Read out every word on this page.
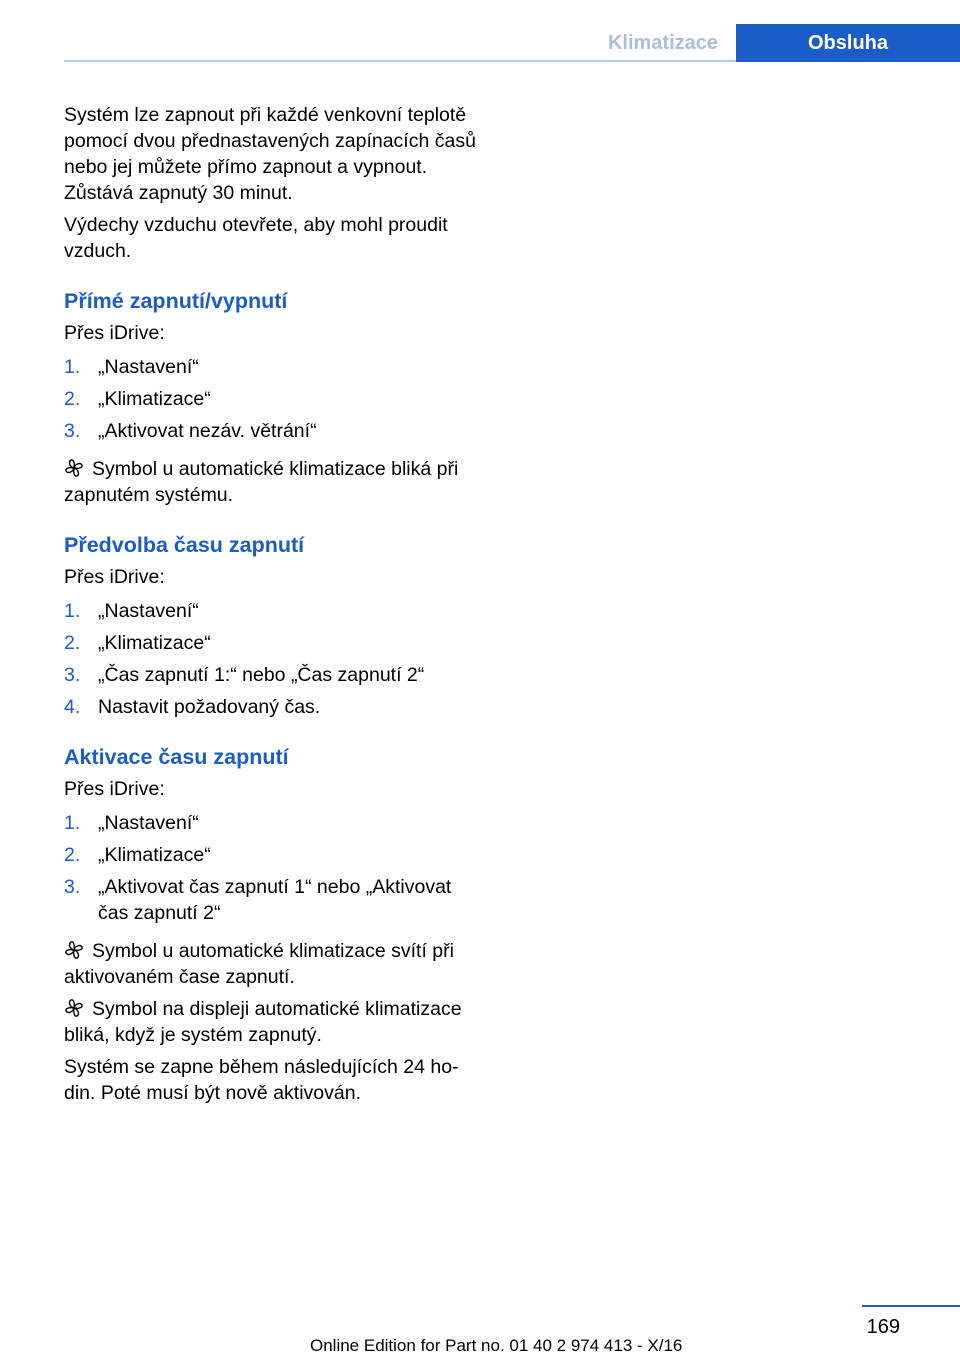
Klimatizace	Obsluha

Systém lze zapnout při každé venkovní teplotě pomocí dvou přednastavených zapínacích časů nebo jej můžete přímo zapnout a vypnout. Zůstává zapnutý 30 minut.

Výdechy vzduchu otevřete, aby mohl proudit vzduch.

Přímé zapnutí/vypnutí

Přes iDrive:

1. „Nastavení“
2. „Klimatizace“
3. „Aktivovat nezáv. větrání“

Symbol u automatické klimatizace bliká při zapnutém systému.

Předvolba času zapnutí

Přes iDrive:

1. „Nastavení“
2. „Klimatizace“
3. „Čas zapnutí 1:“ nebo „Čas zapnutí 2“
4. Nastavit požadovaný čas.
Aktivace času zapnutí

Přes iDrive:

1. „Nastavení“
2. „Klimatizace“
3. „Aktivovat čas zapnutí 1“ nebo „Aktivovat čas zapnutí 2“

Symbol u automatické klimatizace svítí při aktivovaném čase zapnutí.

Symbol na displeji automatické klimatizace bliká, když je systém zapnutý.

Systém se zapne během následujících 24 ho‐ din. Poté musí být nově aktivován.

169
Online Edition for Part no. 01 40 2 974 413 - X/16
